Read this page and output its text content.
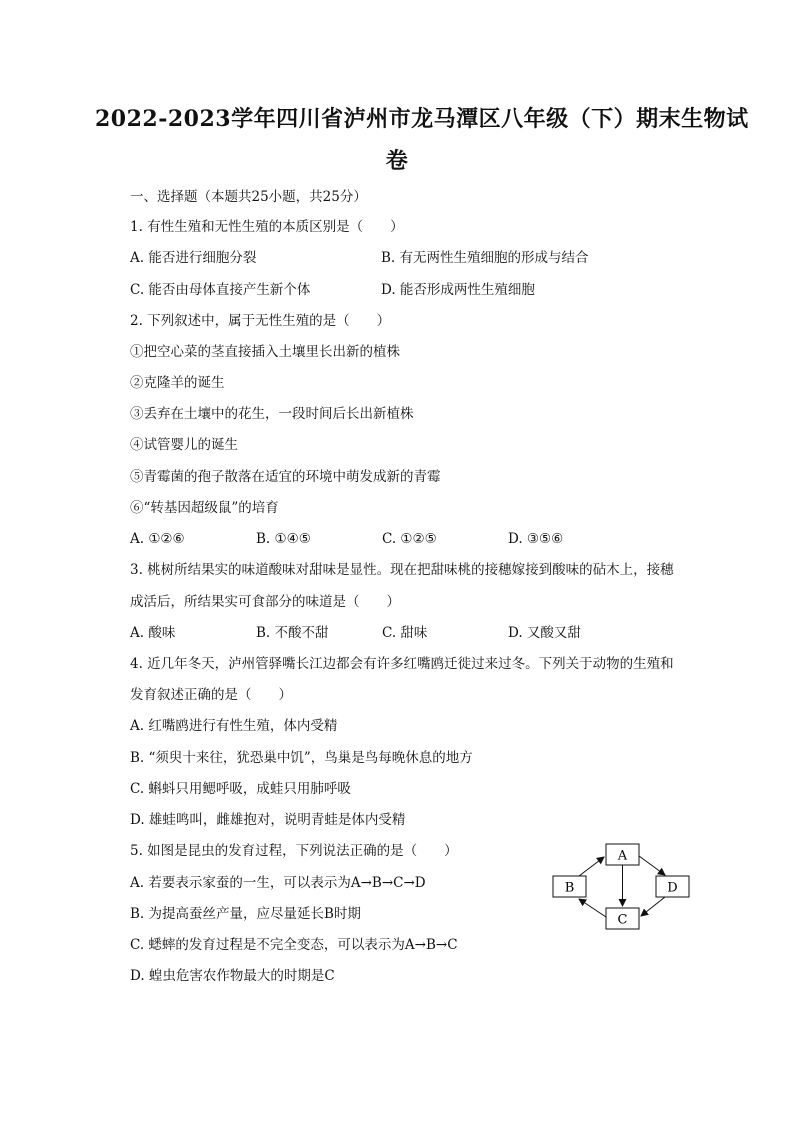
2022-2023学年四川省泸州市龙马潭区八年级（下）期末生物试
卷
一、选择题（本题共25小题，共25分）
1. 有性生殖和无性生殖的本质区别是（　　）
A. 能否进行细胞分裂	B. 有无两性生殖细胞的形成与结合
C. 能否由母体直接产生新个体	D. 能否形成两性生殖细胞
2. 下列叙述中，属于无性生殖的是（　　）
①把空心菜的茎直接插入土壤里长出新的植株
②克隆羊的诞生
③丢弃在土壤中的花生，一段时间后长出新植株
④试管婴儿的诞生
⑤青霉菌的孢子散落在适宜的环境中萌发成新的青霉
⑥“转基因超级鼠”的培育
A. ①②⑥	B. ①④⑤	C. ①②⑤	D. ③⑤⑥
3. 桃树所结果实的味道酸味对甜味是显性。现在把甜味桃的接穗嫁接到酸味的砧木上，接穗
成活后，所结果实可食部分的味道是（　　）
A. 酸味	B. 不酸不甜	C. 甜味	D. 又酸又甜
4. 近几年冬天，泸州管驿嘴长江边都会有许多红嘴鸥迁徙过来过冬。下列关于动物的生殖和
发育叙述正确的是（　　）
A. 红嘴鸥进行有性生殖，体内受精
B. “须臾十来往，犹恐巢中饥”，鸟巢是鸟每晚休息的地方
C. 蝌蚪只用鳃呼吸，成蛙只用肺呼吸
D. 雄蛙鸣叫，雌雄抱对，说明青蛙是体内受精
5. 如图是昆虫的发育过程，下列说法正确的是（　　）
A. 若要表示家蚕的一生，可以表示为A→B→C→D
B. 为提高蚕丝产量，应尽量延长B时期
C. 蟋蟀的发育过程是不完全变态，可以表示为A→B→C
D. 蝗虫危害农作物最大的时期是C
A
B	D
C
